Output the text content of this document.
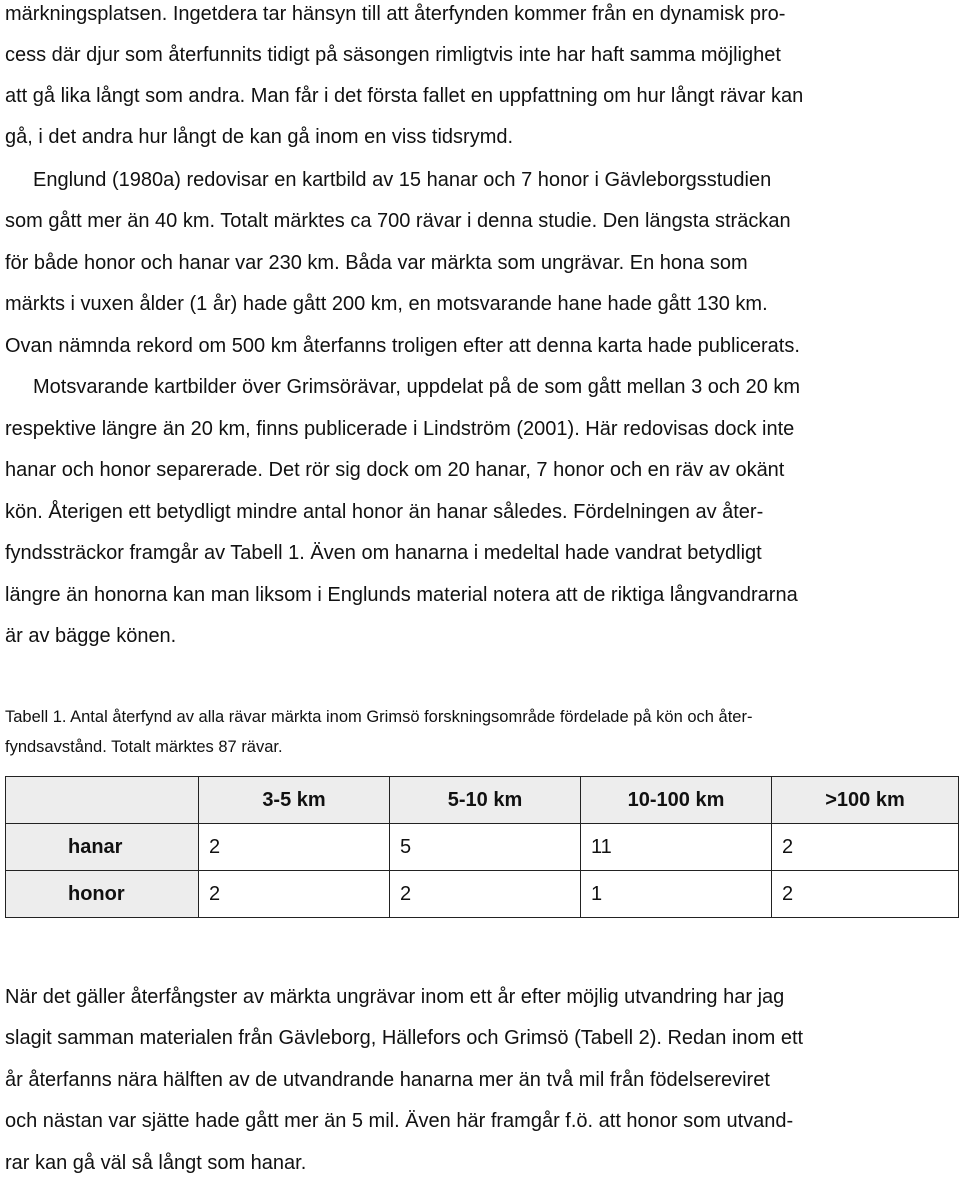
märkningsplatsen. Ingetdera tar hänsyn till att återfynden kommer från en dynamisk pro-
cess där djur som återfunnits tidigt på säsongen rimligtvis inte har haft samma möjlighet
att gå lika långt som andra. Man får i det första fallet en uppfattning om hur långt rävar kan
gå, i det andra hur långt de kan gå inom en viss tidsrymd.
Englund (1980a) redovisar en kartbild av 15 hanar och 7 honor i Gävleborgsstudien
som gått mer än 40 km. Totalt märktes ca 700 rävar i denna studie. Den längsta sträckan
för både honor och hanar var 230 km. Båda var märkta som ungrävar. En hona som
märkts i vuxen ålder (1 år) hade gått 200 km, en motsvarande hane hade gått 130 km.
Ovan nämnda rekord om 500 km återfanns troligen efter att denna karta hade publicerats.
Motsvarande kartbilder över Grimsörävar, uppdelat på de som gått mellan 3 och 20 km
respektive längre än 20 km, finns publicerade i Lindström (2001). Här redovisas dock inte
hanar och honor separerade. Det rör sig dock om 20 hanar, 7 honor och en räv av okänt
kön. Återigen ett betydligt mindre antal honor än hanar således. Fördelningen av åter-
fyndssträckor framgår av Tabell 1. Även om hanarna i medeltal hade vandrat betydligt
längre än honorna kan man liksom i Englunds material notera att de riktiga långvandrarna
är av bägge könen.
Tabell 1. Antal återfynd av alla rävar märkta inom Grimsö forskningsområde fördelade på kön och åter-
fyndsavstånd. Totalt märktes 87 rävar.
	3-5 km	5-10 km	10-100 km	>100 km
hanar	2	5	11	2
honor	2	2	1	2
När det gäller återfångster av märkta ungrävar inom ett år efter möjlig utvandring har jag
slagit samman materialen från Gävleborg, Hällefors och Grimsö (Tabell 2). Redan inom ett
år återfanns nära hälften av de utvandrande hanarna mer än två mil från födelsereviret
och nästan var sjätte hade gått mer än 5 mil. Även här framgår f.ö. att honor som utvand-
rar kan gå väl så långt som hanar.
